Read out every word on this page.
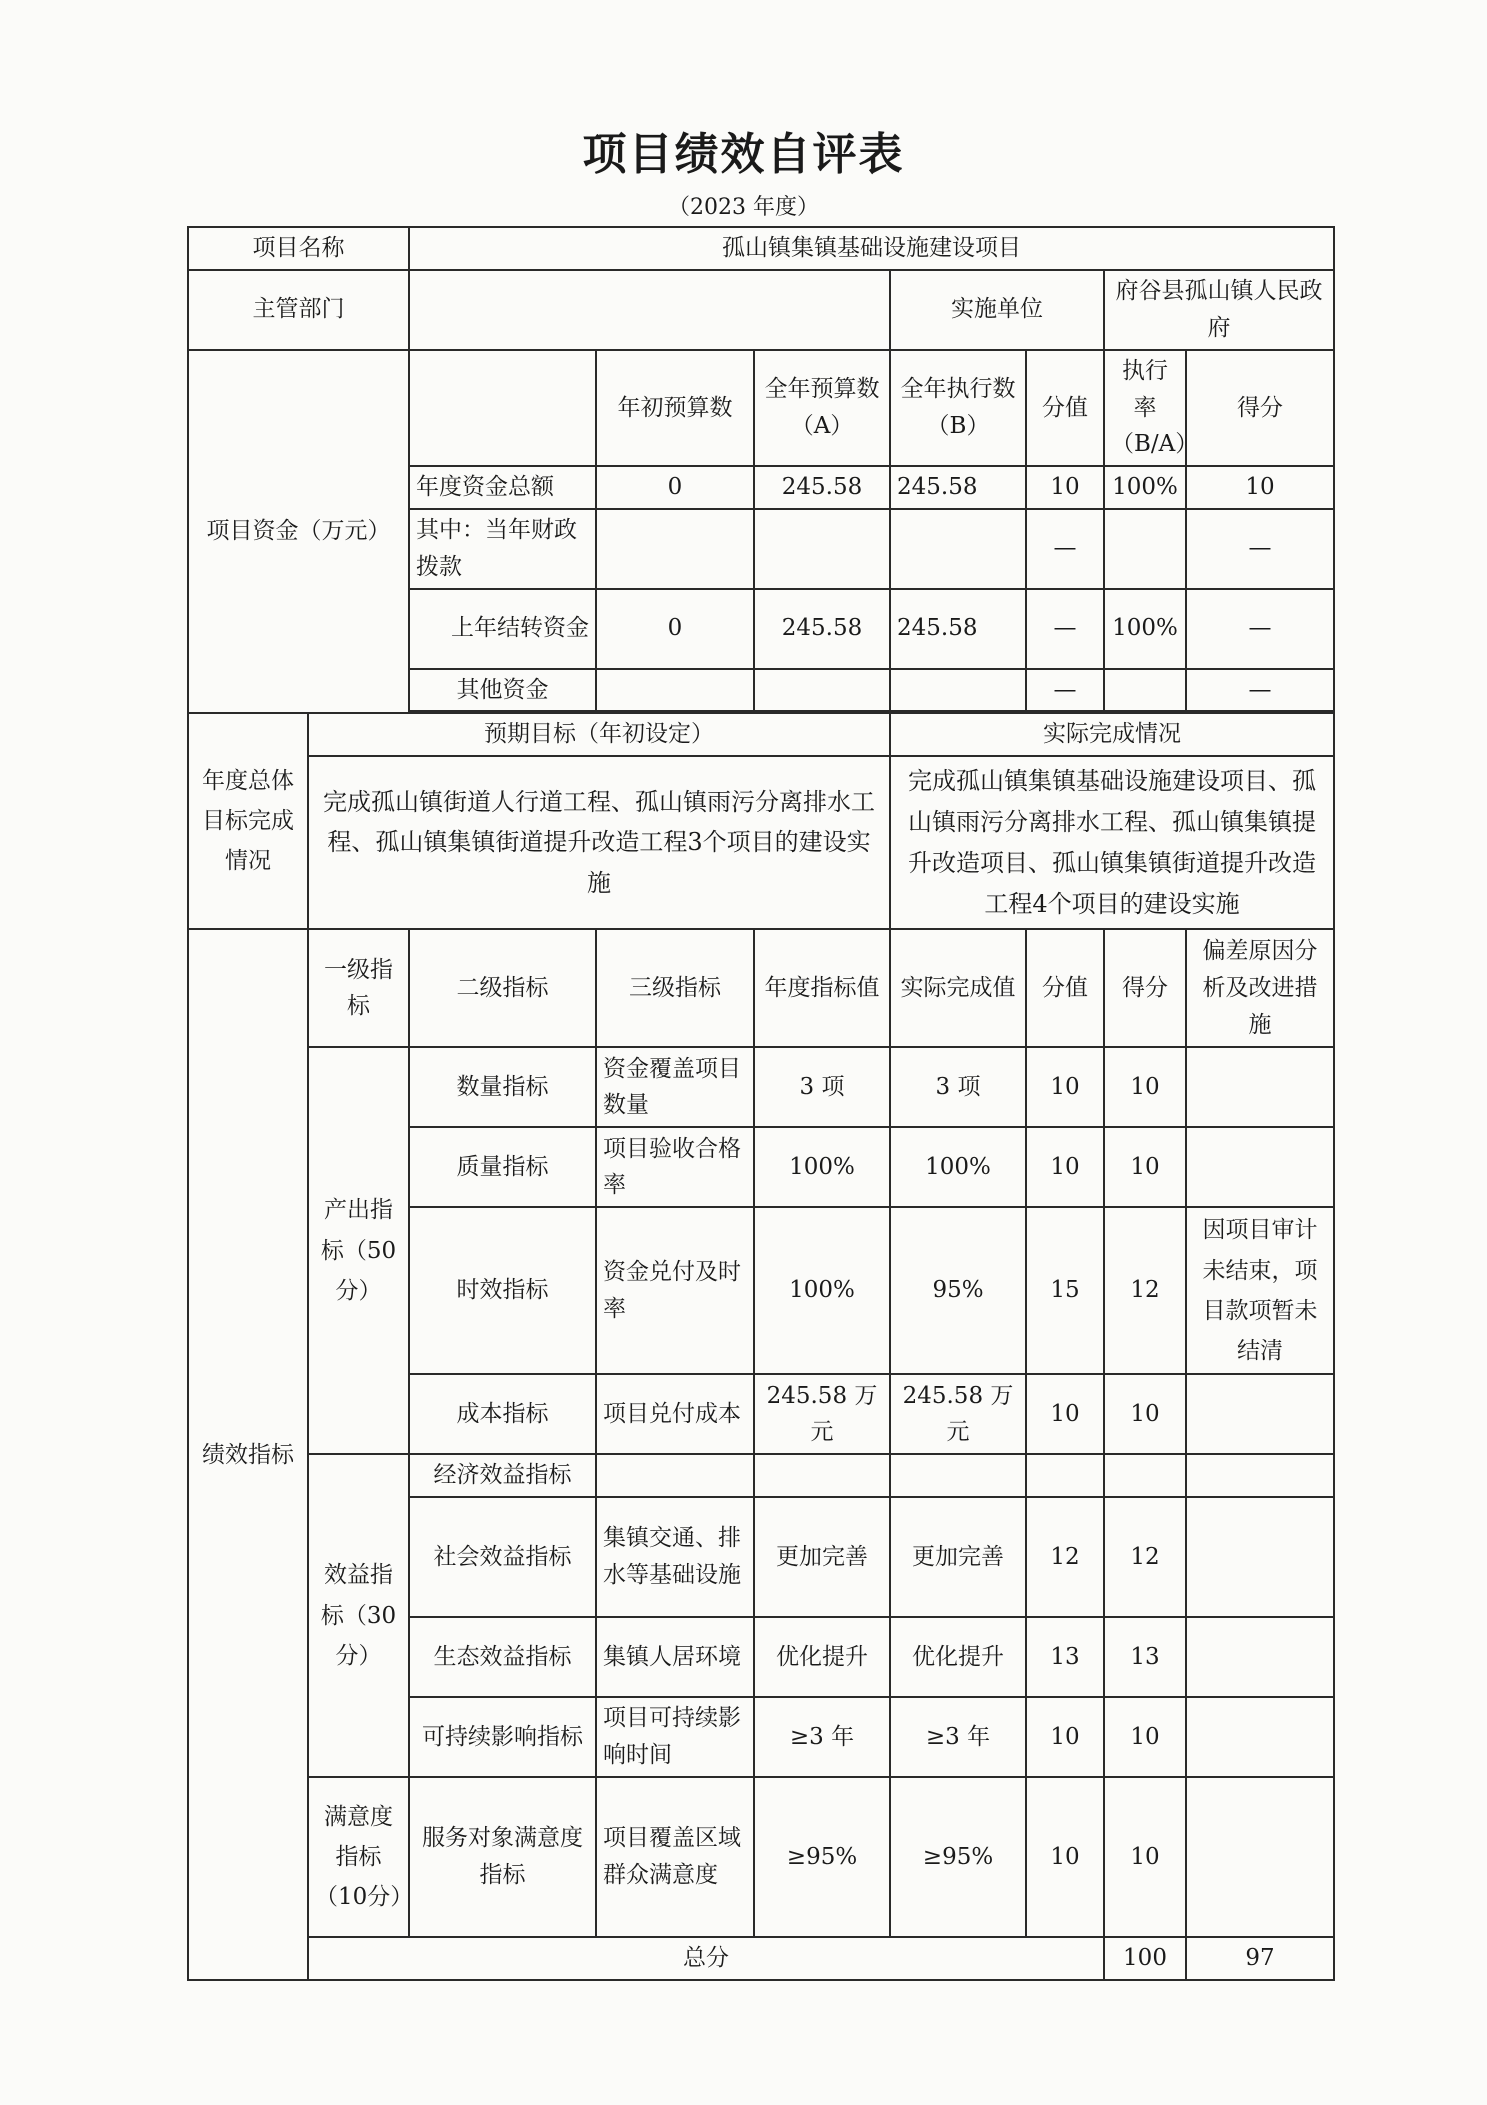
项目绩效自评表
（2023 年度）
项目名称		孤山镇集镇基础设施建设项目							
主管部门					实施单位		府谷县孤山镇人民政府		
项目资金（万元）			年初预算数	全年预算数（A）	全年执行数（B）	分值	执行率（B/A）	得分	
		年度资金总额	0	245.58	245.58	10	100%	10	
		其中：当年财政拨款				—		—	
		上年结转资金	0	245.58	245.58	—	100%	—	
		其他资金				—		—	

年度总体目标完成情况	预期目标（年初设定）				实际完成情况				
	完成孤山镇街道人行道工程、孤山镇雨污分离排水工程、孤山镇集镇街道提升改造工程3个项目的建设实施				完成孤山镇集镇基础设施建设项目、孤山镇雨污分离排水工程、孤山镇集镇提升改造项目、孤山镇集镇街道提升改造工程4个项目的建设实施				
绩效指标	一级指标	二级指标	三级指标	年度指标值	实际完成值	分值	得分	偏差原因分析及改进措施	
	产出指标（50分）	数量指标	资金覆盖项目数量	3 项	3 项	10	10		
		质量指标	项目验收合格率	100%	100%	10	10		
		时效指标	资金兑付及时率	100%	95%	15	12	因项目审计未结束，项目款项暂未结清	
		成本指标	项目兑付成本	245.58 万元	245.58 万元	10	10		
	效益指标（30分）	经济效益指标							
		社会效益指标	集镇交通、排水等基础设施	更加完善	更加完善	12	12		
		生态效益指标	集镇人居环境	优化提升	优化提升	13	13		
		可持续影响指标	项目可持续影响时间	≥3 年	≥3 年	10	10		
	满意度指标（10分）	服务对象满意度指标	项目覆盖区域群众满意度	≥95%	≥95%	10	10		
	总分						100	97	
